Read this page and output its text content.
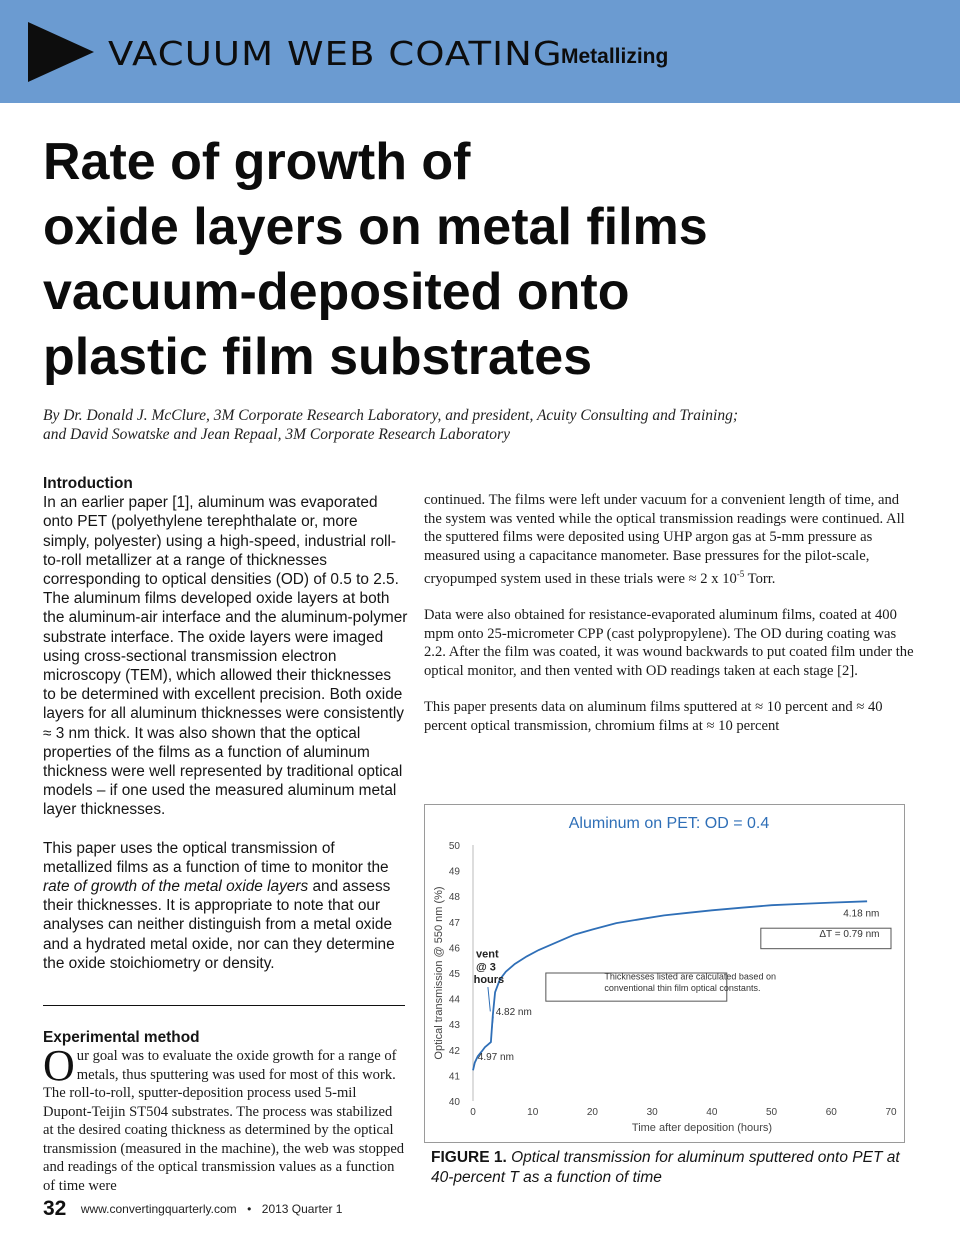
VACUUM WEB COATING
Metallizing
Rate of growth of
oxide layers on metal films
vacuum-deposited onto
plastic film substrates
By Dr. Donald J. McClure, 3M Corporate Research Laboratory, and president, Acuity Consulting and Training;
and David Sowatske and Jean Repaal, 3M Corporate Research Laboratory
Introduction

In an earlier paper [1], aluminum was evaporated onto PET (polyethylene terephthalate or, more simply, polyester) using a high-speed, industrial roll-to-roll metallizer at a range of thicknesses corresponding to optical densities (OD) of 0.5 to 2.5. The aluminum films developed oxide layers at both the aluminum-air interface and the aluminum-polymer substrate interface. The oxide layers were imaged using cross-sectional transmission electron microscopy (TEM), which allowed their thicknesses to be determined with excellent precision. Both oxide layers for all aluminum thicknesses were consistently ≈ 3 nm thick. It was also shown that the optical properties of the films as a function of aluminum thickness were well represented by traditional optical models – if one used the measured aluminum metal layer thicknesses.

This paper uses the optical transmission of metallized films as a function of time to monitor the rate of growth of the metal oxide layers and assess their thicknesses. It is appropriate to note that our analyses can neither distinguish from a metal oxide and a hydrated metal oxide, nor can they determine the oxide stoichiometry or density.

Experimental method

Our goal was to evaluate the oxide growth for a range of metals, thus sputtering was used for most of this work. The roll-to-roll, sputter-deposition process used 5-mil Dupont-Teijin ST504 substrates. The process was stabilized at the desired coating thickness as determined by the optical transmission (measured in the machine), the web was stopped and readings of the optical transmission values as a function of time were

continued. The films were left under vacuum for a convenient length of time, and the system was vented while the optical transmission readings were continued. All the sputtered films were deposited using UHP argon gas at 5-mm pressure as measured using a capacitance manometer. Base pressures for the pilot-scale, cryopumped system used in these trials were ≈ 2 x $10^{-5}$ Torr.

Data were also obtained for resistance-evaporated aluminum films, coated at 400 mpm onto 25-micrometer CPP (cast polypropylene). The OD during coating was 2.2. After the film was coated, it was wound backwards to put coated film under the optical monitor, and then vented with OD readings taken at each stage [2].

This paper presents data on aluminum films sputtered at ≈ 10 percent and ≈ 40 percent optical transmission, chromium films at ≈ 10 percent

Aluminum on PET: OD = 0.4
40
41
42
43
44
45
46
47
48
49
50
0	10	20	30	40	50	60	70
Optical transmission @ 550 nm (%)
Time after deposition (hours)
vent
@ 3
hours
4.82 nm
4.97 nm
4.18 nm
ΔT = 0.79 nm
Thicknesses listed are calculated based on
conventional thin film optical constants.
FIGURE 1. Optical transmission for aluminum sputtered onto PET at 40-percent T as a function of time
32 www.convertingquarterly.com • 2013 Quarter 1
